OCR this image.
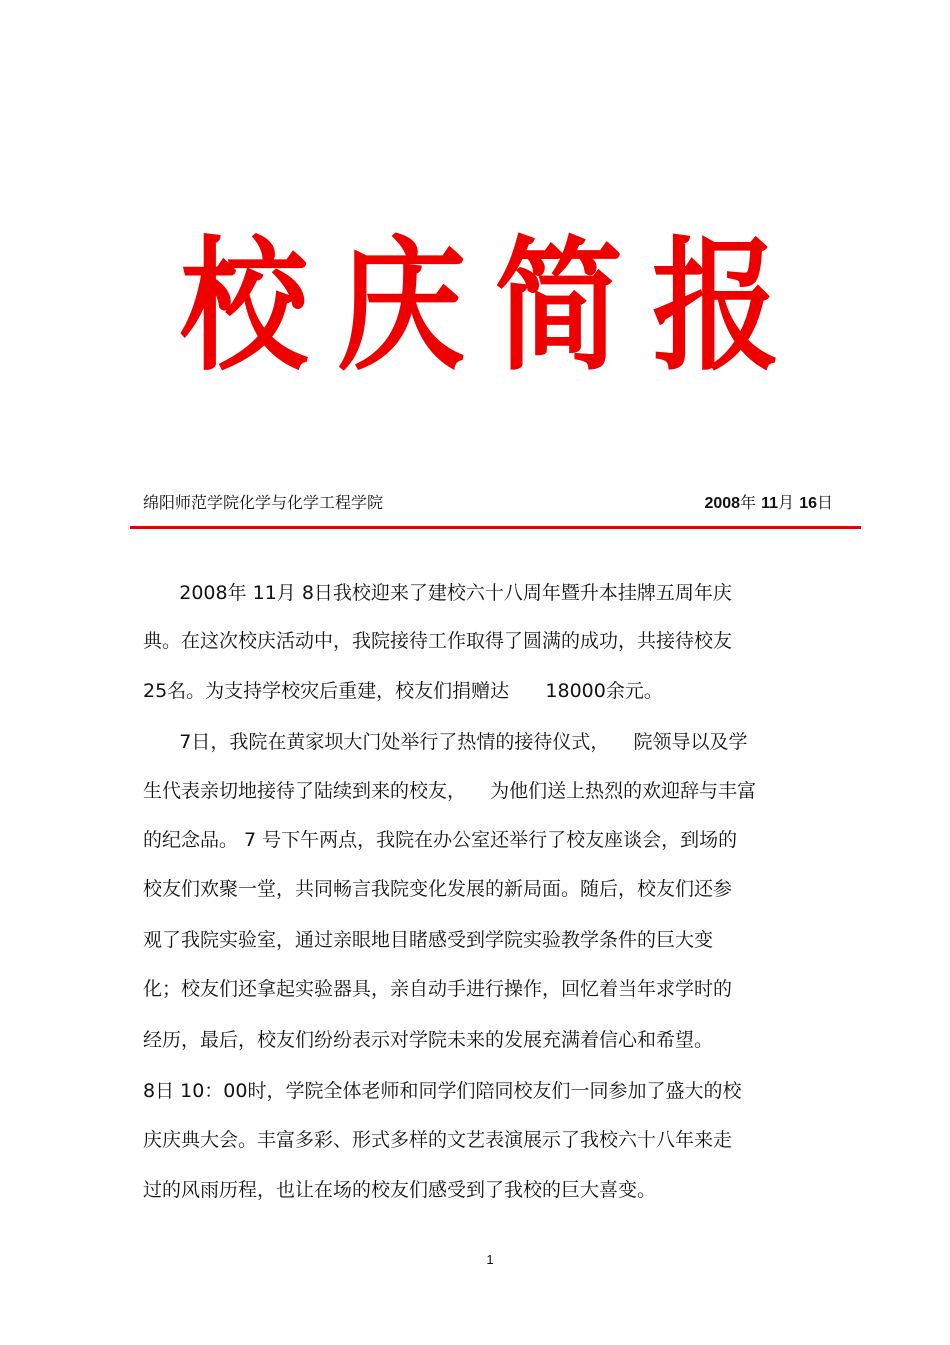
校 庆 简 报
绵阳师范学院化学与化学工程学院	2008年 11月 16日
2008年 11月 8日我校迎来了建校六十八周年暨升本挂牌五周年庆
典。在这次校庆活动中，我院接待工作取得了圆满的成功，共接待校友
25名。为支持学校灾后重建，校友们捐赠达      18000余元。
7日，我院在黄家坝大门处举行了热情的接待仪式，    院领导以及学
生代表亲切地接待了陆续到来的校友，    为他们送上热烈的欢迎辞与丰富
的纪念品。 7 号下午两点，我院在办公室还举行了校友座谈会，到场的
校友们欢聚一堂，共同畅言我院变化发展的新局面。随后，校友们还参
观了我院实验室，通过亲眼地目睹感受到学院实验教学条件的巨大变
化；校友们还拿起实验器具，亲自动手进行操作，回忆着当年求学时的
经历，最后，校友们纷纷表示对学院未来的发展充满着信心和希望。
8日 10：00时，学院全体老师和同学们陪同校友们一同参加了盛大的校
庆庆典大会。丰富多彩、形式多样的文艺表演展示了我校六十八年来走
过的风雨历程，也让在场的校友们感受到了我校的巨大喜变。
1
